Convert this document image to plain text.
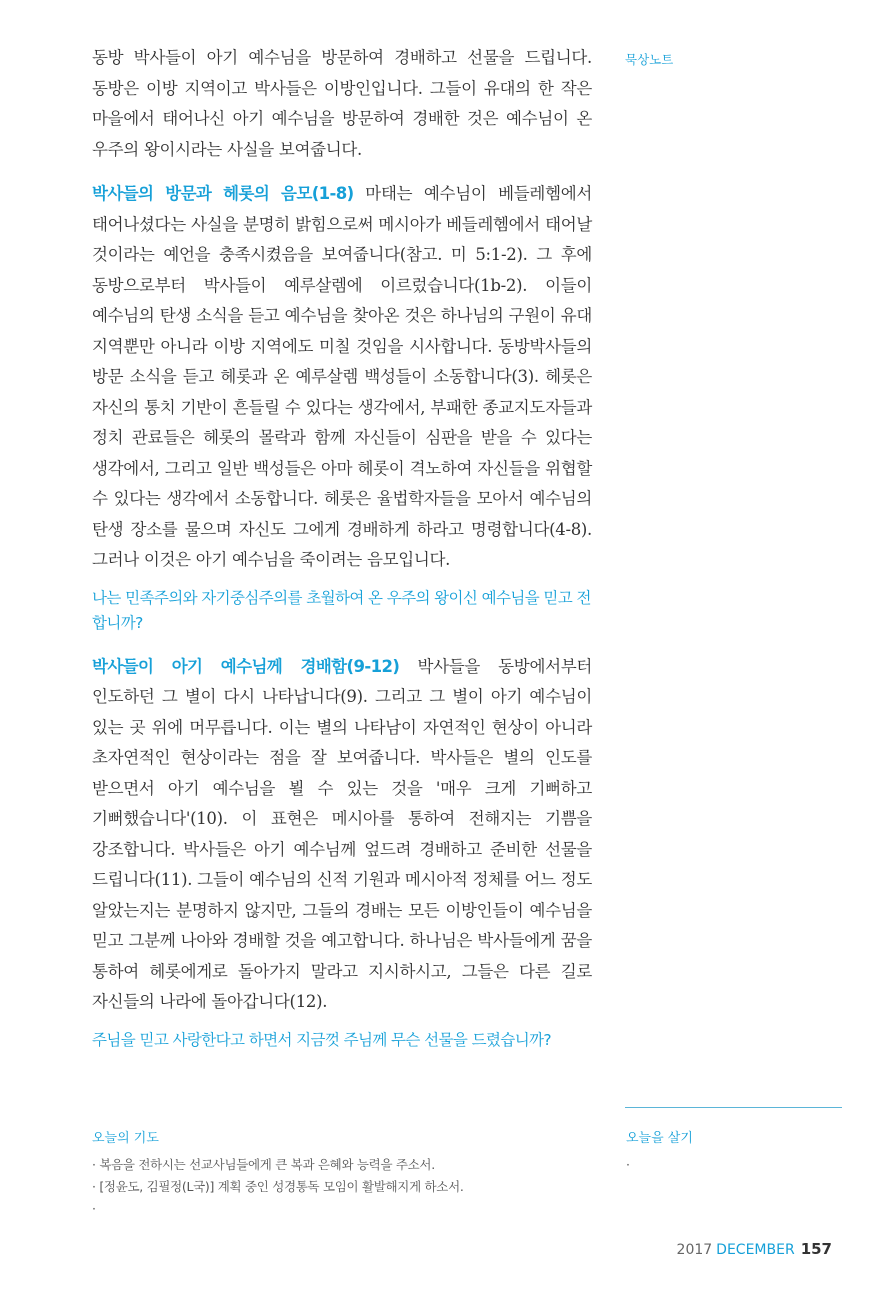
묵상노트

동방 박사들이 아기 예수님을 방문하여 경배하고 선물을 드립니다. 동방은 이방 지역이고 박사들은 이방인입니다. 그들이 유대의 한 작은 마을에서 태어나신 아기 예수님을 방문하여 경배한 것은 예수님이 온 우주의 왕이시라는 사실을 보여줍니다.

박사들의 방문과 헤롯의 음모(1-8) 마태는 예수님이 베들레헴에서 태어나셨다는 사실을 분명히 밝힘으로써 메시아가 베들레헴에서 태어날 것이라는 예언을 충족시켰음을 보여줍니다(참고. 미 5:1-2). 그 후에 동방으로부터 박사들이 예루살렘에 이르렀습니다(1b-2). 이들이 예수님의 탄생 소식을 듣고 예수님을 찾아온 것은 하나님의 구원이 유대 지역뿐만 아니라 이방 지역에도 미칠 것임을 시사합니다. 동방박사들의 방문 소식을 듣고 헤롯과 온 예루살렘 백성들이 소동합니다(3). 헤롯은 자신의 통치 기반이 흔들릴 수 있다는 생각에서, 부패한 종교지도자들과 정치 관료들은 헤롯의 몰락과 함께 자신들이 심판을 받을 수 있다는 생각에서, 그리고 일반 백성들은 아마 헤롯이 격노하여 자신들을 위협할 수 있다는 생각에서 소동합니다. 헤롯은 율법학자들을 모아서 예수님의 탄생 장소를 물으며 자신도 그에게 경배하게 하라고 명령합니다(4-8). 그러나 이것은 아기 예수님을 죽이려는 음모입니다.

나는 민족주의와 자기중심주의를 초월하여 온 우주의 왕이신 예수님을 믿고 전합니까?

박사들이 아기 예수님께 경배함(9-12) 박사들을 동방에서부터 인도하던 그 별이 다시 나타납니다(9). 그리고 그 별이 아기 예수님이 있는 곳 위에 머무릅니다. 이는 별의 나타남이 자연적인 현상이 아니라 초자연적인 현상이라는 점을 잘 보여줍니다. 박사들은 별의 인도를 받으면서 아기 예수님을 뵐 수 있는 것을 '매우 크게 기뻐하고 기뻐했습니다'(10). 이 표현은 메시아를 통하여 전해지는 기쁨을 강조합니다. 박사들은 아기 예수님께 엎드려 경배하고 준비한 선물을 드립니다(11). 그들이 예수님의 신적 기원과 메시아적 정체를 어느 정도 알았는지는 분명하지 않지만, 그들의 경배는 모든 이방인들이 예수님을 믿고 그분께 나아와 경배할 것을 예고합니다. 하나님은 박사들에게 꿈을 통하여 헤롯에게로 돌아가지 말라고 지시하시고, 그들은 다른 길로 자신들의 나라에 돌아갑니다(12).

주님을 믿고 사랑한다고 하면서 지금껏 주님께 무슨 선물을 드렸습니까?
오늘의 기도
· 복음을 전하시는 선교사님들에게 큰 복과 은혜와 능력을 주소서.
· [정윤도, 김필정(L국)] 계획 중인 성경통독 모임이 활발해지게 하소서.
·
오늘을 살기
·
2017 DECEMBER 157
